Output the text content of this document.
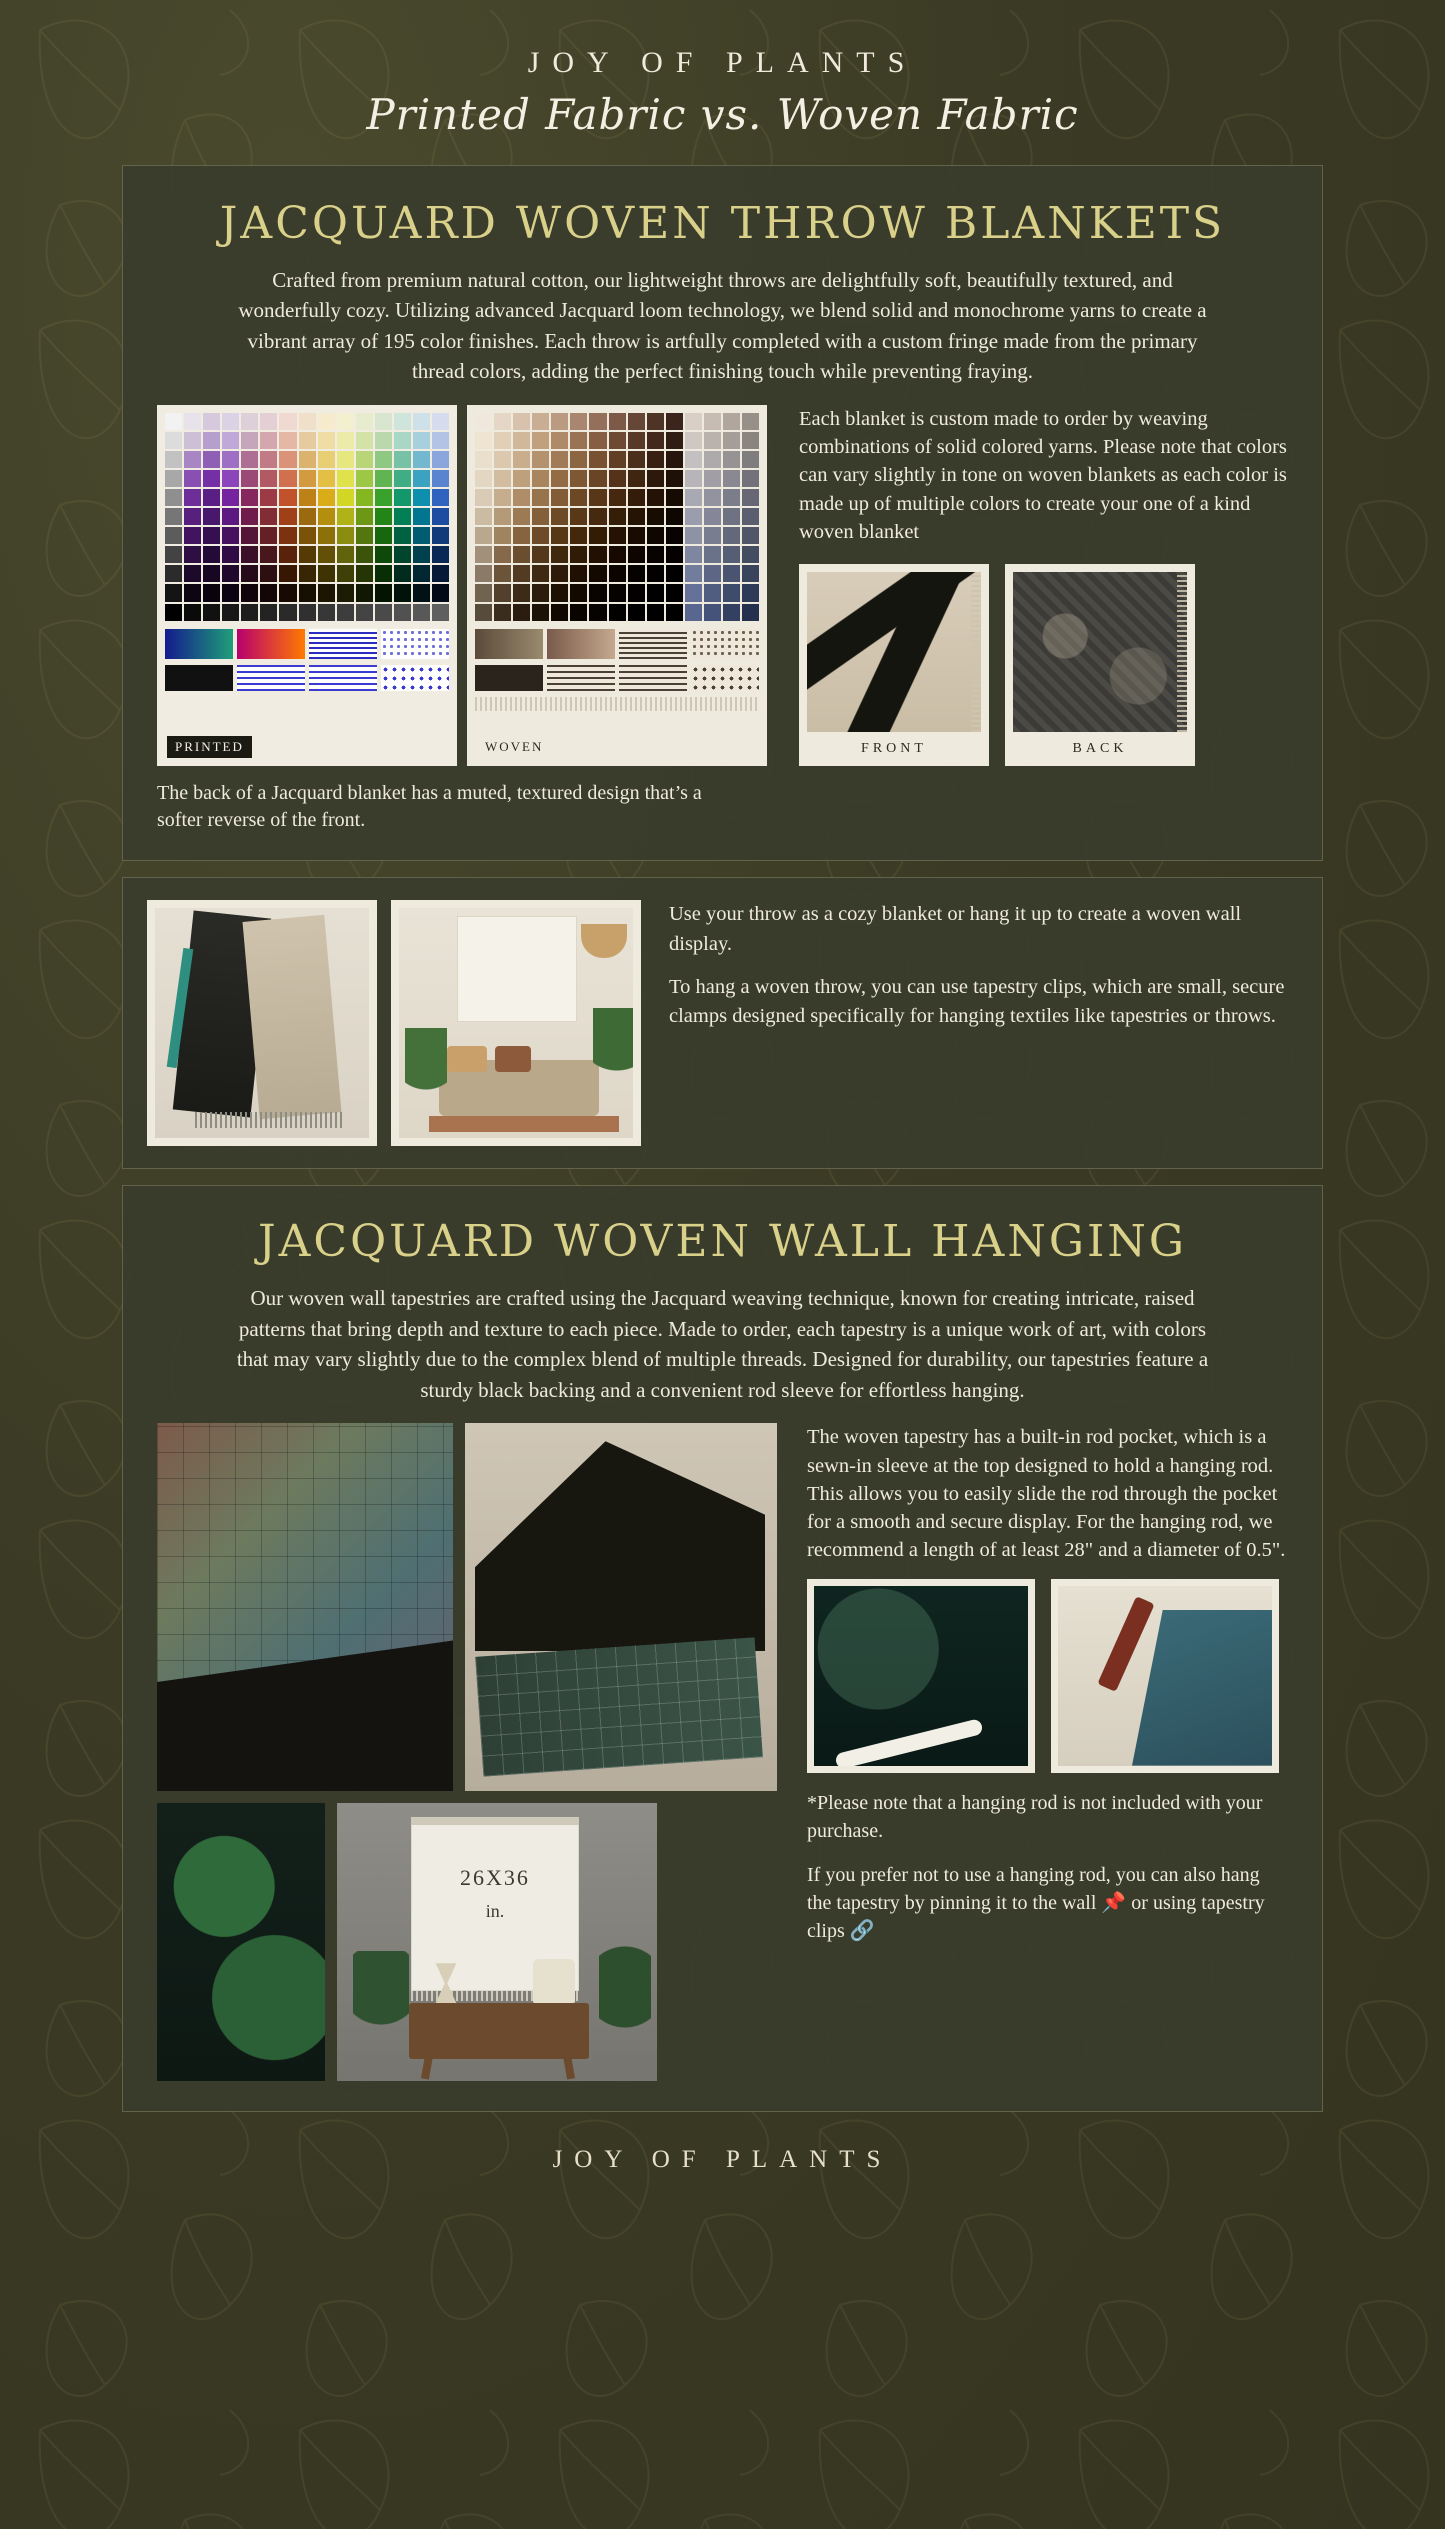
JOY OF PLANTS
Printed Fabric vs. Woven Fabric
JACQUARD WOVEN THROW BLANKETS

Crafted from premium natural cotton, our lightweight throws are delightfully soft, beautifully textured, and wonderfully cozy. Utilizing advanced Jacquard loom technology, we blend solid and monochrome yarns to create a vibrant array of 195 color finishes. Each throw is artfully completed with a custom fringe made from the primary thread colors, adding the perfect finishing touch while preventing fraying.

PRINTED	WOVEN
Each blanket is custom made to order by weaving combinations of solid colored yarns. Please note that colors can vary slightly in tone on woven blankets as each color is made up of multiple colors to create your one of a kind woven blanket
FRONT	BACK
The back of a Jacquard blanket has a muted, textured design that’s a softer reverse of the front.

Use your throw as a cozy blanket or hang it up to create a woven wall display.

To hang a woven throw, you can use tapestry clips, which are small, secure clamps designed specifically for hanging textiles like tapestries or throws.

JACQUARD WOVEN WALL HANGING

Our woven wall tapestries are crafted using the Jacquard weaving technique, known for creating intricate, raised patterns that bring depth and texture to each piece. Made to order, each tapestry is a unique work of art, with colors that may vary slightly due to the complex blend of multiple threads. Designed for durability, our tapestries feature a sturdy black backing and a convenient rod sleeve for effortless hanging.

26X36
in.
The woven tapestry has a built-in rod pocket, which is a sewn-in sleeve at the top designed to hold a hanging rod. This allows you to easily slide the rod through the pocket for a smooth and secure display. For the hanging rod, we recommend a length of at least 28" and a diameter of 0.5".
*Please note that a hanging rod is not included with your purchase.
If you prefer not to use a hanging rod, you can also hang the tapestry by pinning it to the wall 📌 or using tapestry clips 🔗
JOY OF PLANTS
